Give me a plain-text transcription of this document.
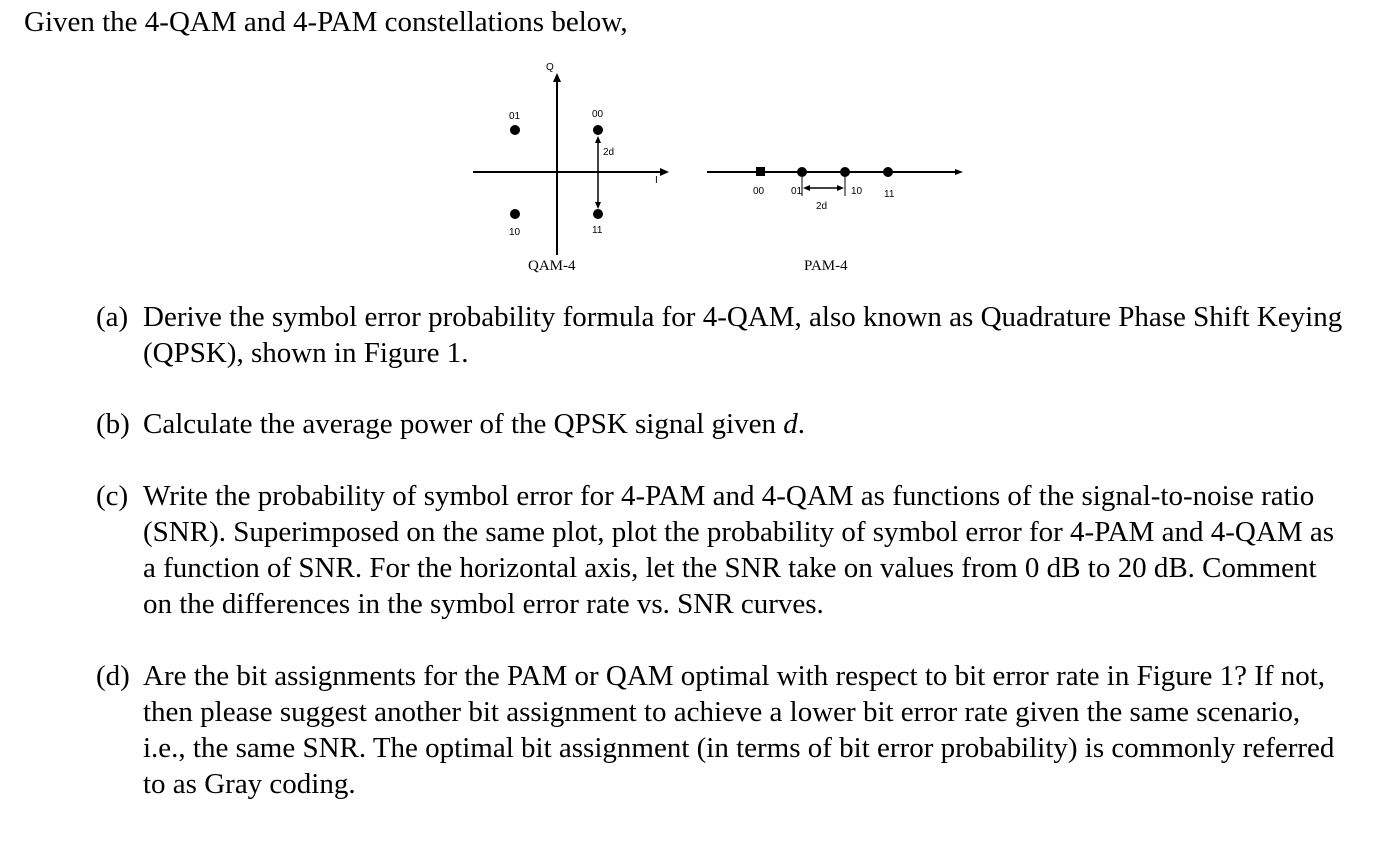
Given the 4-QAM and 4-PAM constellations below,
Q
I
01	00
10	11
2d
QAM-4
00	01	10 11
2d
PAM-4
(a) Derive the symbol error probability formula for 4-QAM, also known as Quadrature Phase Shift Keying (QPSK), shown in Figure 1.
(b) Calculate the average power of the QPSK signal given d.
(c) Write the probability of symbol error for 4-PAM and 4-QAM as functions of the signal-to-noise ratio (SNR). Superimposed on the same plot, plot the probability of symbol error for 4-PAM and 4-QAM as a function of SNR. For the horizontal axis, let the SNR take on values from 0 dB to 20 dB. Comment on the differences in the symbol error rate vs. SNR curves.
(d) Are the bit assignments for the PAM or QAM optimal with respect to bit error rate in Figure 1? If not, then please suggest another bit assignment to achieve a lower bit error rate given the same scenario, i.e., the same SNR. The optimal bit assignment (in terms of bit error probability) is commonly referred to as Gray coding.
